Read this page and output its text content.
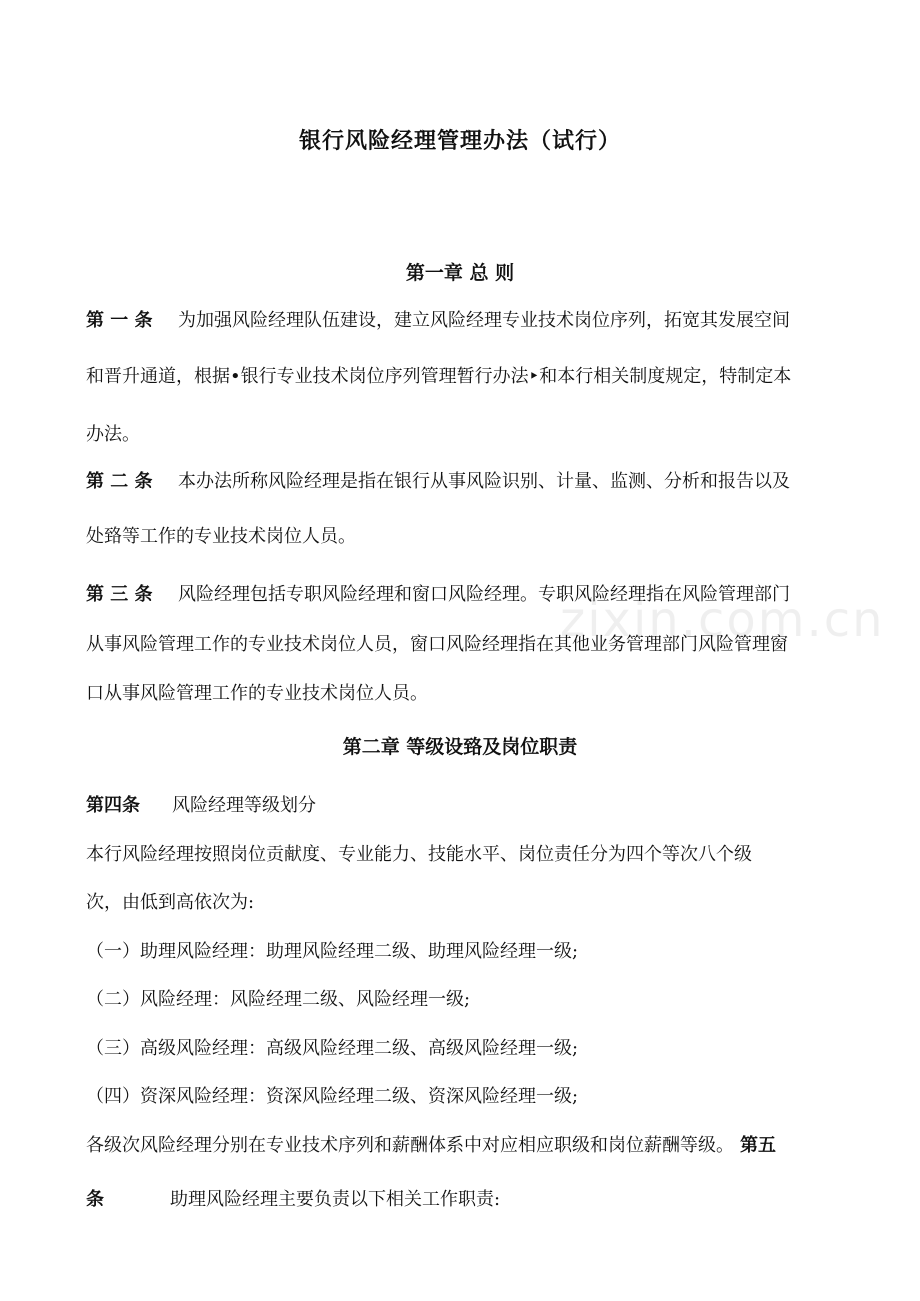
zixin.com.cn
银行风险经理管理办法（试行）
第一章 总 则
第 一 条 为加强风险经理队伍建设，建立风险经理专业技术岗位序列，拓宽其发展空间
和晋升通道，根据•银行专业技术岗位序列管理暂行办法‣和本行相关制度规定，特制定本
办法。
第 二 条 本办法所称风险经理是指在银行从事风险识别、计量、监测、分析和报告以及
处臵等工作的专业技术岗位人员。
第 三 条 风险经理包括专职风险经理和窗口风险经理。专职风险经理指在风险管理部门
从事风险管理工作的专业技术岗位人员，窗口风险经理指在其他业务管理部门风险管理窗
口从事风险管理工作的专业技术岗位人员。
第二章 等级设臵及岗位职责
第四条 风险经理等级划分
本行风险经理按照岗位贡献度、专业能力、技能水平、岗位责任分为四个等次八个级
次，由低到高依次为:
（一）助理风险经理：助理风险经理二级、助理风险经理一级;
（二）风险经理：风险经理二级、风险经理一级;
（三）高级风险经理：高级风险经理二级、高级风险经理一级;
（四）资深风险经理：资深风险经理二级、资深风险经理一级;
各级次风险经理分别在专业技术序列和薪酬体系中对应相应职级和岗位薪酬等级。 第五
条	助理风险经理主要负责以下相关工作职责:
